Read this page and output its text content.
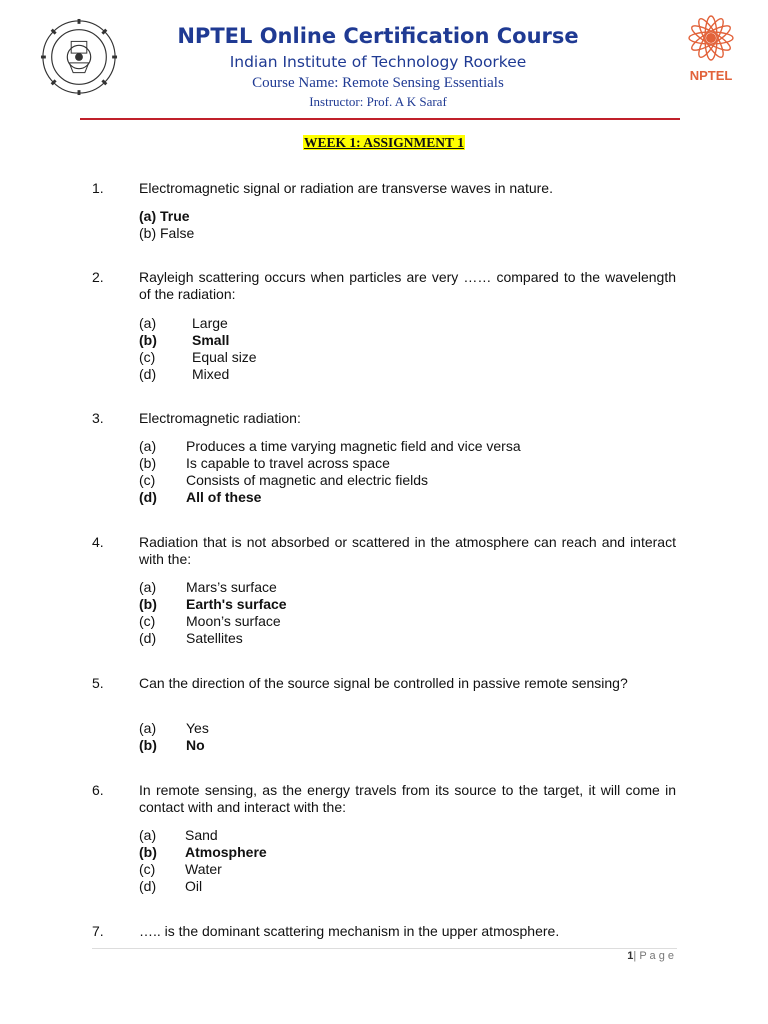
NPTEL
NPTEL Online Certification Course
Indian Institute of Technology Roorkee
Course Name: Remote Sensing Essentials
Instructor: Prof. A K Saraf
WEEK 1: ASSIGNMENT 1
1.	Electromagnetic signal or radiation are transverse waves in nature.
(a) True
(b) False
2.	Rayleigh scattering occurs when particles are very …… compared to the wavelength of the radiation:
(a)	Large
(b)	Small
(c)	Equal size
(d)	Mixed
3.	Electromagnetic radiation:
(a) Produces a time varying magnetic field and vice versa
(b) Is capable to travel across space
(c) Consists of magnetic and electric fields
(d) All of these
4.	Radiation that is not absorbed or scattered in the atmosphere can reach and interact with the:
(a) Mars’s surface
(b) Earth's surface
(c) Moon’s surface
(d) Satellites
5.	Can the direction of the source signal be controlled in passive remote sensing?
(a) Yes
(b) No
6.	In remote sensing, as the energy travels from its source to the target, it will come in contact with and interact with the:
(a) Sand
(b) Atmosphere
(c) Water
(d) Oil
7.	….. is the dominant scattering mechanism in the upper atmosphere.
1| P a g e
